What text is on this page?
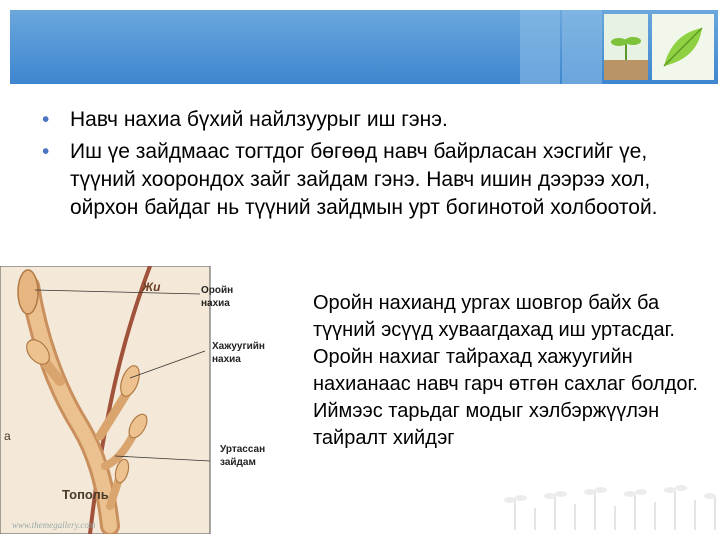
• Навч нахиа бүхий найлзуурыг иш гэнэ.
• Иш үе зайдмаас тогтдог бөгөөд навч байрласан хэсгийг үе, түүний хоорондох зайг зайдам гэнэ. Навч ишин дээрээ хол, ойрхон байдаг нь түүний зайдмын урт богинотой холбоотой.
Жи
Тополь
а
Оройн нахиа
Хажуугийн нахиа
Уртассан зайдам
Оройн нахианд ургах шовгор байх ба түүний эсүүд хуваагдахад иш уртасдаг. Оройн нахиаг тайрахад хажуугийн нахианаас навч гарч өтгөн сахлаг болдог. Иймээс тарьдаг модыг хэлбэржүүлэн тайралт хийдэг
www.themegallery.com
